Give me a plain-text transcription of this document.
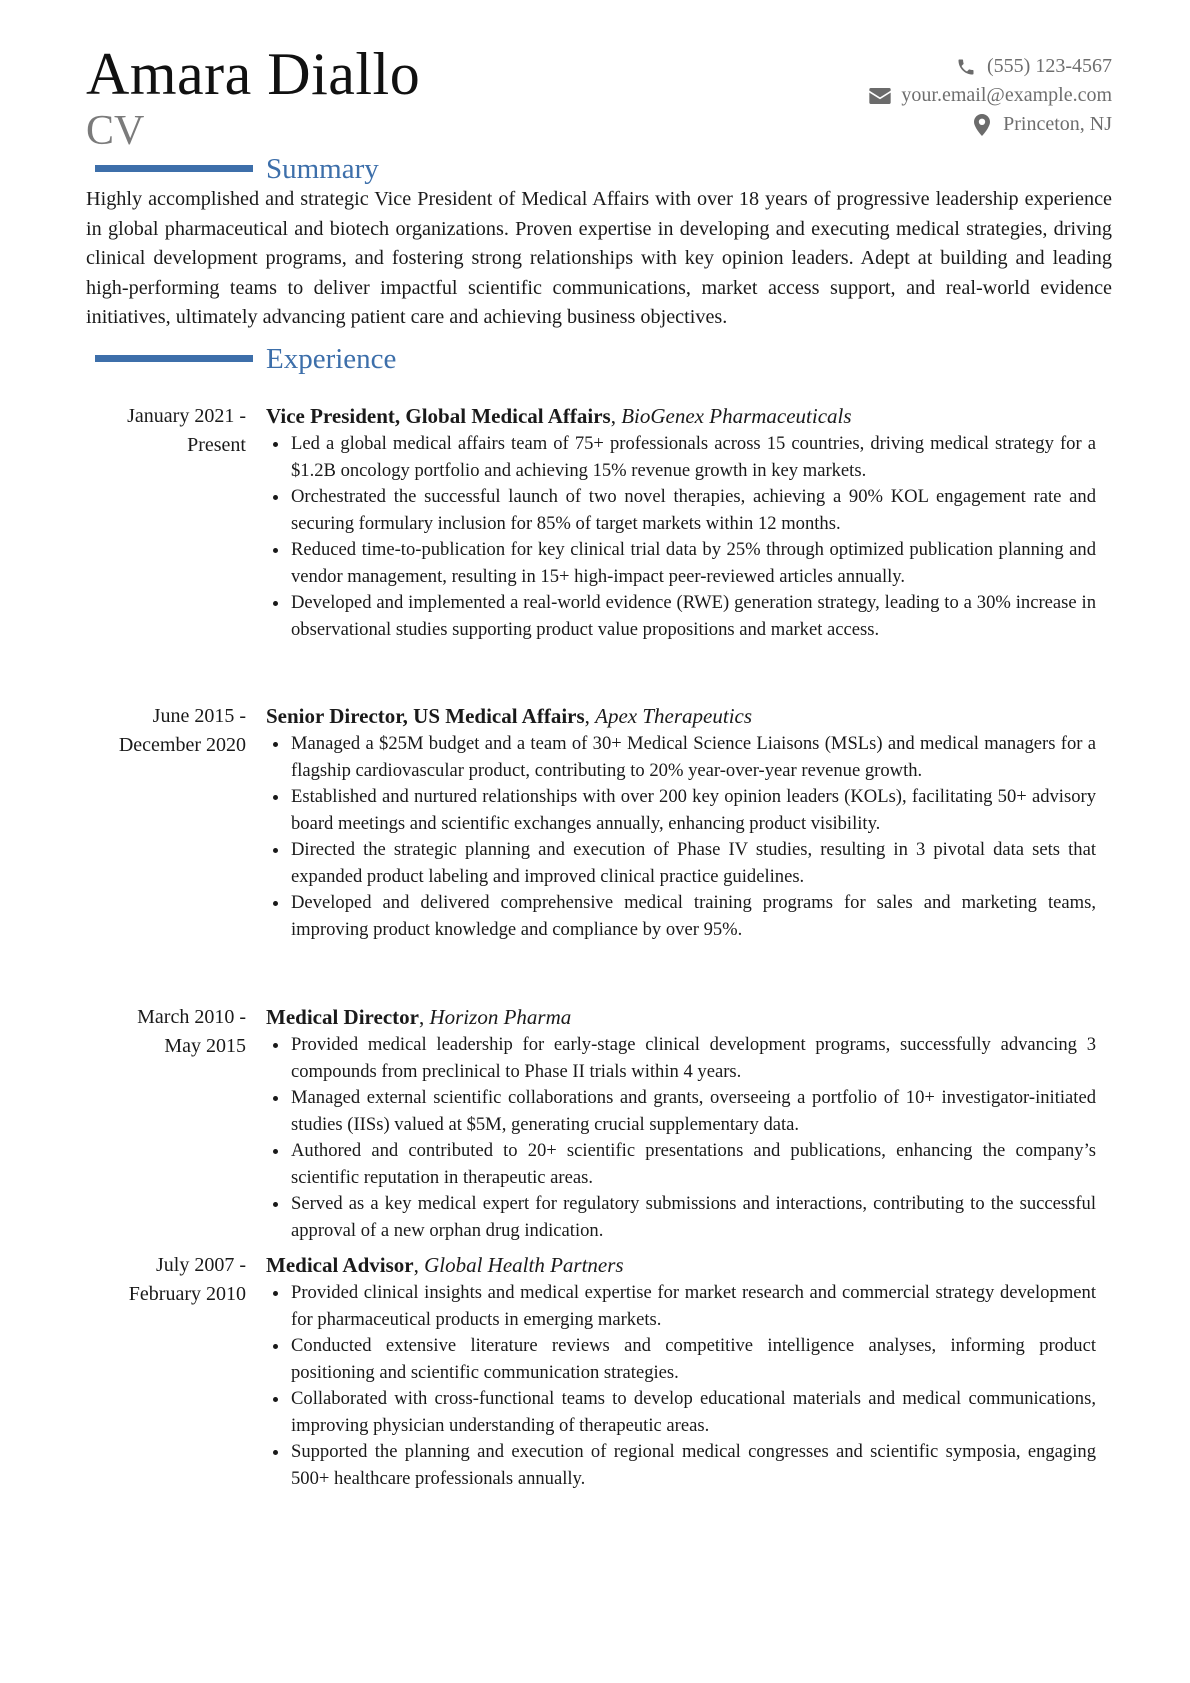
Amara Diallo
CV
(555) 123-4567
your.email@example.com
Princeton, NJ
Summary
Highly accomplished and strategic Vice President of Medical Affairs with over 18 years of progressive leadership experience in global pharmaceutical and biotech organizations. Proven expertise in developing and executing medical strategies, driving clinical development programs, and fostering strong relationships with key opinion leaders. Adept at building and leading high-performing teams to deliver impactful scientific communications, market access support, and real-world evidence initiatives, ultimately advancing patient care and achieving business objectives.
Experience
January 2021 -
Present
Vice President, Global Medical Affairs, BioGenex Pharmaceuticals
Led a global medical affairs team of 75+ professionals across 15 countries, driving medical strategy for a $1.2B oncology portfolio and achieving 15% revenue growth in key markets.
Orchestrated the successful launch of two novel therapies, achieving a 90% KOL engagement rate and securing formulary inclusion for 85% of target markets within 12 months.
Reduced time-to-publication for key clinical trial data by 25% through optimized publication planning and vendor management, resulting in 15+ high-impact peer-reviewed articles annually.
Developed and implemented a real-world evidence (RWE) generation strategy, leading to a 30% increase in observational studies supporting product value propositions and market access.
June 2015 -
December 2020
Senior Director, US Medical Affairs, Apex Therapeutics
Managed a $25M budget and a team of 30+ Medical Science Liaisons (MSLs) and medical managers for a flagship cardiovascular product, contributing to 20% year-over-year revenue growth.
Established and nurtured relationships with over 200 key opinion leaders (KOLs), facilitating 50+ advisory board meetings and scientific exchanges annually, enhancing product visibility.
Directed the strategic planning and execution of Phase IV studies, resulting in 3 pivotal data sets that expanded product labeling and improved clinical practice guidelines.
Developed and delivered comprehensive medical training programs for sales and marketing teams, improving product knowledge and compliance by over 95%.
March 2010 -
May 2015
Medical Director, Horizon Pharma
Provided medical leadership for early-stage clinical development programs, successfully advancing 3 compounds from preclinical to Phase II trials within 4 years.
Managed external scientific collaborations and grants, overseeing a portfolio of 10+ investigator-initiated studies (IISs) valued at $5M, generating crucial supplementary data.
Authored and contributed to 20+ scientific presentations and publications, enhancing the company’s scientific reputation in therapeutic areas.
Served as a key medical expert for regulatory submissions and interactions, contributing to the successful approval of a new orphan drug indication.
July 2007 -
February 2010
Medical Advisor, Global Health Partners
Provided clinical insights and medical expertise for market research and commercial strategy development for pharmaceutical products in emerging markets.
Conducted extensive literature reviews and competitive intelligence analyses, informing product positioning and scientific communication strategies.
Collaborated with cross-functional teams to develop educational materials and medical communications, improving physician understanding of therapeutic areas.
Supported the planning and execution of regional medical congresses and scientific symposia, engaging 500+ healthcare professionals annually.
